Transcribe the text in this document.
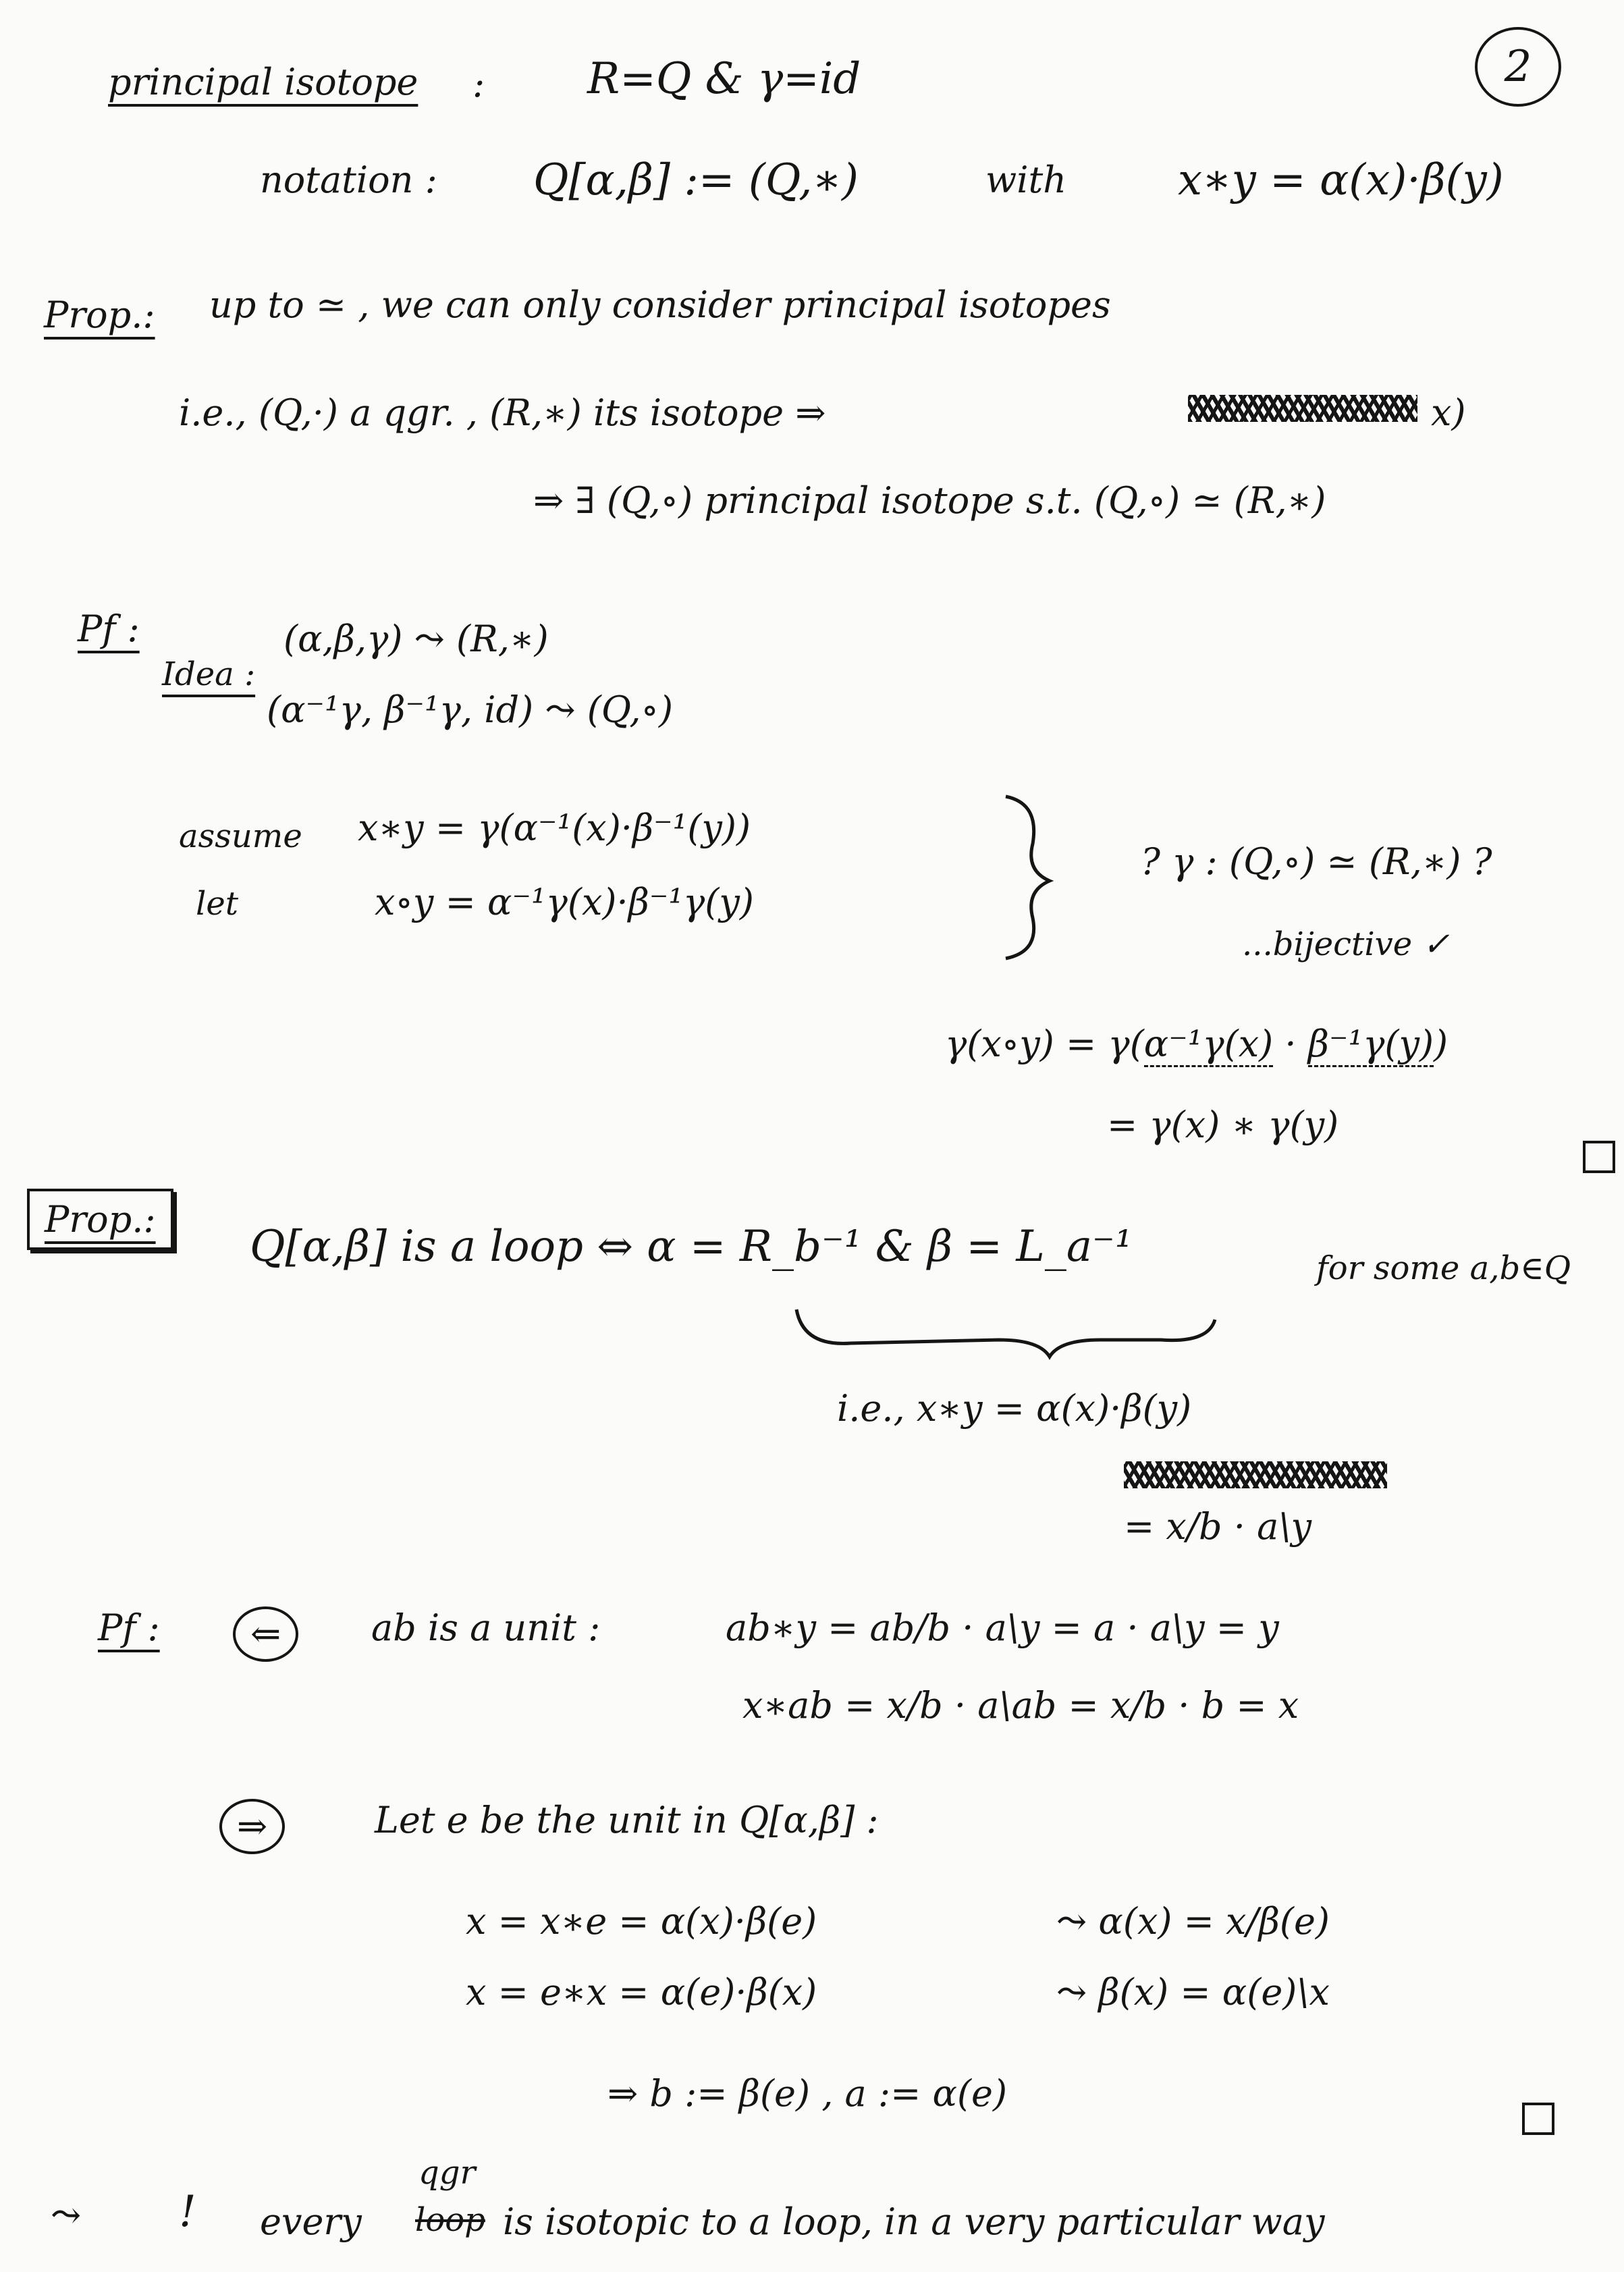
2
principal isotope : R=Q & γ=id
notation : Q[α,β] := (Q,∗)	with	x∗y = α(x)·β(y)
Prop.: up to ≃ , we can only consider principal isotopes
i.e., (Q,·) a qgr. , (R,∗) its isotope ⇒	x)
⇒ ∃ (Q,∘) principal isotope s.t. (Q,∘) ≃ (R,∗)
Pf :
Idea :
(α,β,γ) ⤳ (R,∗)
(α⁻¹γ, β⁻¹γ, id) ⤳ (Q,∘)
assume x∗y = γ(α⁻¹(x)·β⁻¹(y))
let	x∘y = α⁻¹γ(x)·β⁻¹γ(y)
? γ : (Q,∘) ≃ (R,∗) ?
...bijective ✓
γ(x∘y) = γ(α⁻¹γ(x) · β⁻¹γ(y))
= γ(x) ∗ γ(y)
Prop.:
Q[α,β] is a loop ⇔ α = R_b⁻¹ & β = L_a⁻¹	for some a,b∈Q
i.e., x∗y = α(x)·β(y)
= x/b · a\y
Pf :	⇐	ab is a unit :	ab∗y = ab/b · a\y = a · a\y = y
x∗ab = x/b · a\ab = x/b · b = x
⇒	Let e be the unit in Q[α,β] :
x = x∗e = α(x)·β(e)	⤳ α(x) = x/β(e)
x = e∗x = α(e)·β(x)	⤳ β(x) = α(e)\x
⇒ b := β(e) , a := α(e)
⤳ ! every loop
qgr
is isotopic to a loop, in a very particular way
